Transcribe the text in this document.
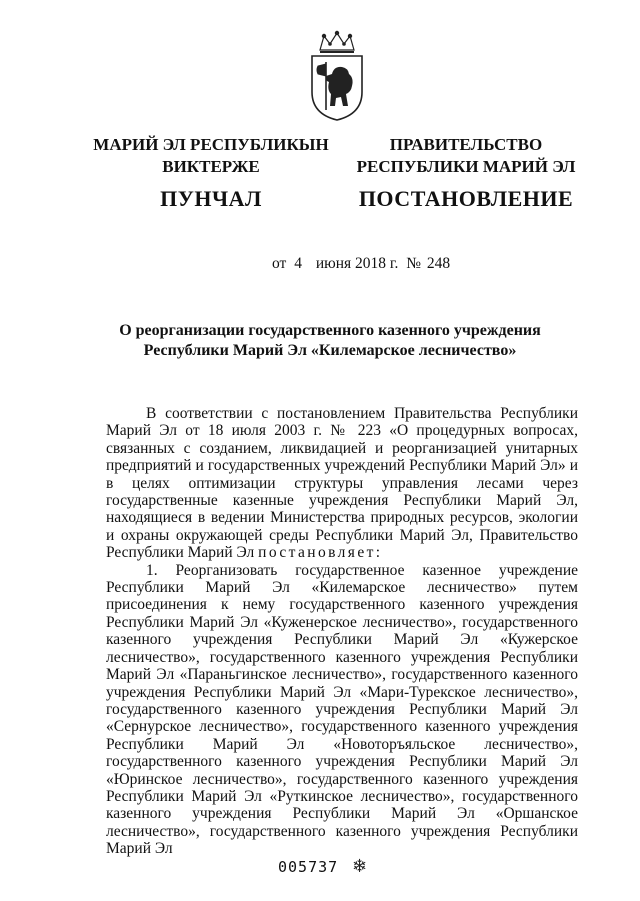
МАРИЙ ЭЛ РЕСПУБЛИКЫН ВИКТЕРЖЕ
ПУНЧАЛ
ПРАВИТЕЛЬСТВО РЕСПУБЛИКИ МАРИЙ ЭЛ
ПОСТАНОВЛЕНИЕ
от 4 июня 2018 г. № 248
О реорганизации государственного казенного учреждения
Республики Марий Эл «Килемарское лесничество»

В соответствии с постановлением Правительства Республики Марий Эл от 18 июля 2003 г. № 223 «О процедурных вопросах, связанных с созданием, ликвидацией и реорганизацией унитарных предприятий и государственных учреждений Республики Марий Эл» и в целях оптимизации структуры управления лесами через государственные казенные учреждения Республики Марий Эл, находящиеся в ведении Министерства природных ресурсов, экологии и охраны окружающей среды Республики Марий Эл, Правительство Республики Марий Эл постановляет:

1. Реорганизовать государственное казенное учреждение Республики Марий Эл «Килемарское лесничество» путем присоединения к нему государственного казенного учреждения Республики Марий Эл «Куженерское лесничество», государственного казенного учреждения Республики Марий Эл «Кужерское лесничество», государственного казенного учреждения Республики Марий Эл «Параньгинское лесничество», государственного казенного учреждения Республики Марий Эл «Мари-Турекское лесничество», государственного казенного учреждения Республики Марий Эл «Сернурское лесничество», государственного казенного учреждения Республики Марий Эл «Новоторъяльское лесничество», государственного казенного учреждения Республики Марий Эл «Юринское лесничество», государственного казенного учреждения Республики Марий Эл «Руткинское лесничество», государственного казенного учреждения Республики Марий Эл «Оршанское лесничество», государственного казенного учреждения Республики Марий Эл

005737 ❄
